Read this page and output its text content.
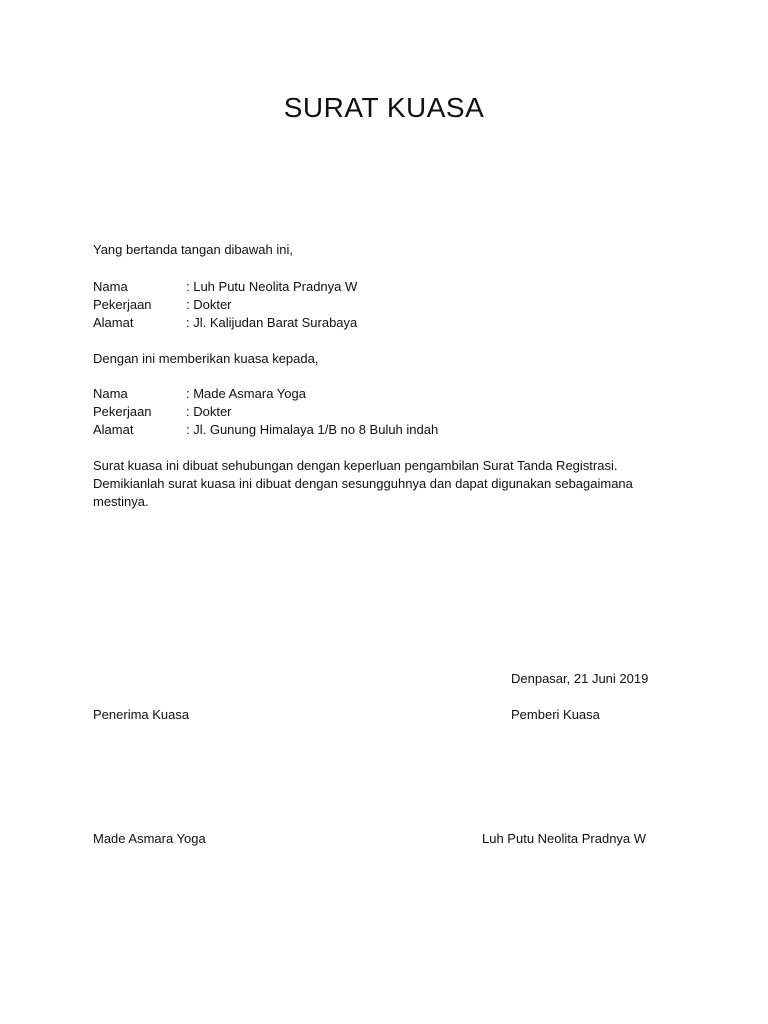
SURAT KUASA
Yang bertanda tangan dibawah ini,
Nama	: Luh Putu Neolita Pradnya W
Pekerjaan	: Dokter
Alamat	: Jl. Kalijudan Barat Surabaya
Dengan ini memberikan kuasa kepada,
Nama	: Made Asmara Yoga
Pekerjaan	: Dokter
Alamat	: Jl. Gunung Himalaya 1/B no 8 Buluh indah
Surat kuasa ini dibuat sehubungan dengan keperluan pengambilan Surat Tanda Registrasi.
Demikianlah surat kuasa ini dibuat dengan sesungguhnya dan dapat digunakan sebagaimana
mestinya.
Denpasar, 21 Juni 2019
Penerima Kuasa	Pemberi Kuasa
Made Asmara Yoga	Luh Putu Neolita Pradnya W
